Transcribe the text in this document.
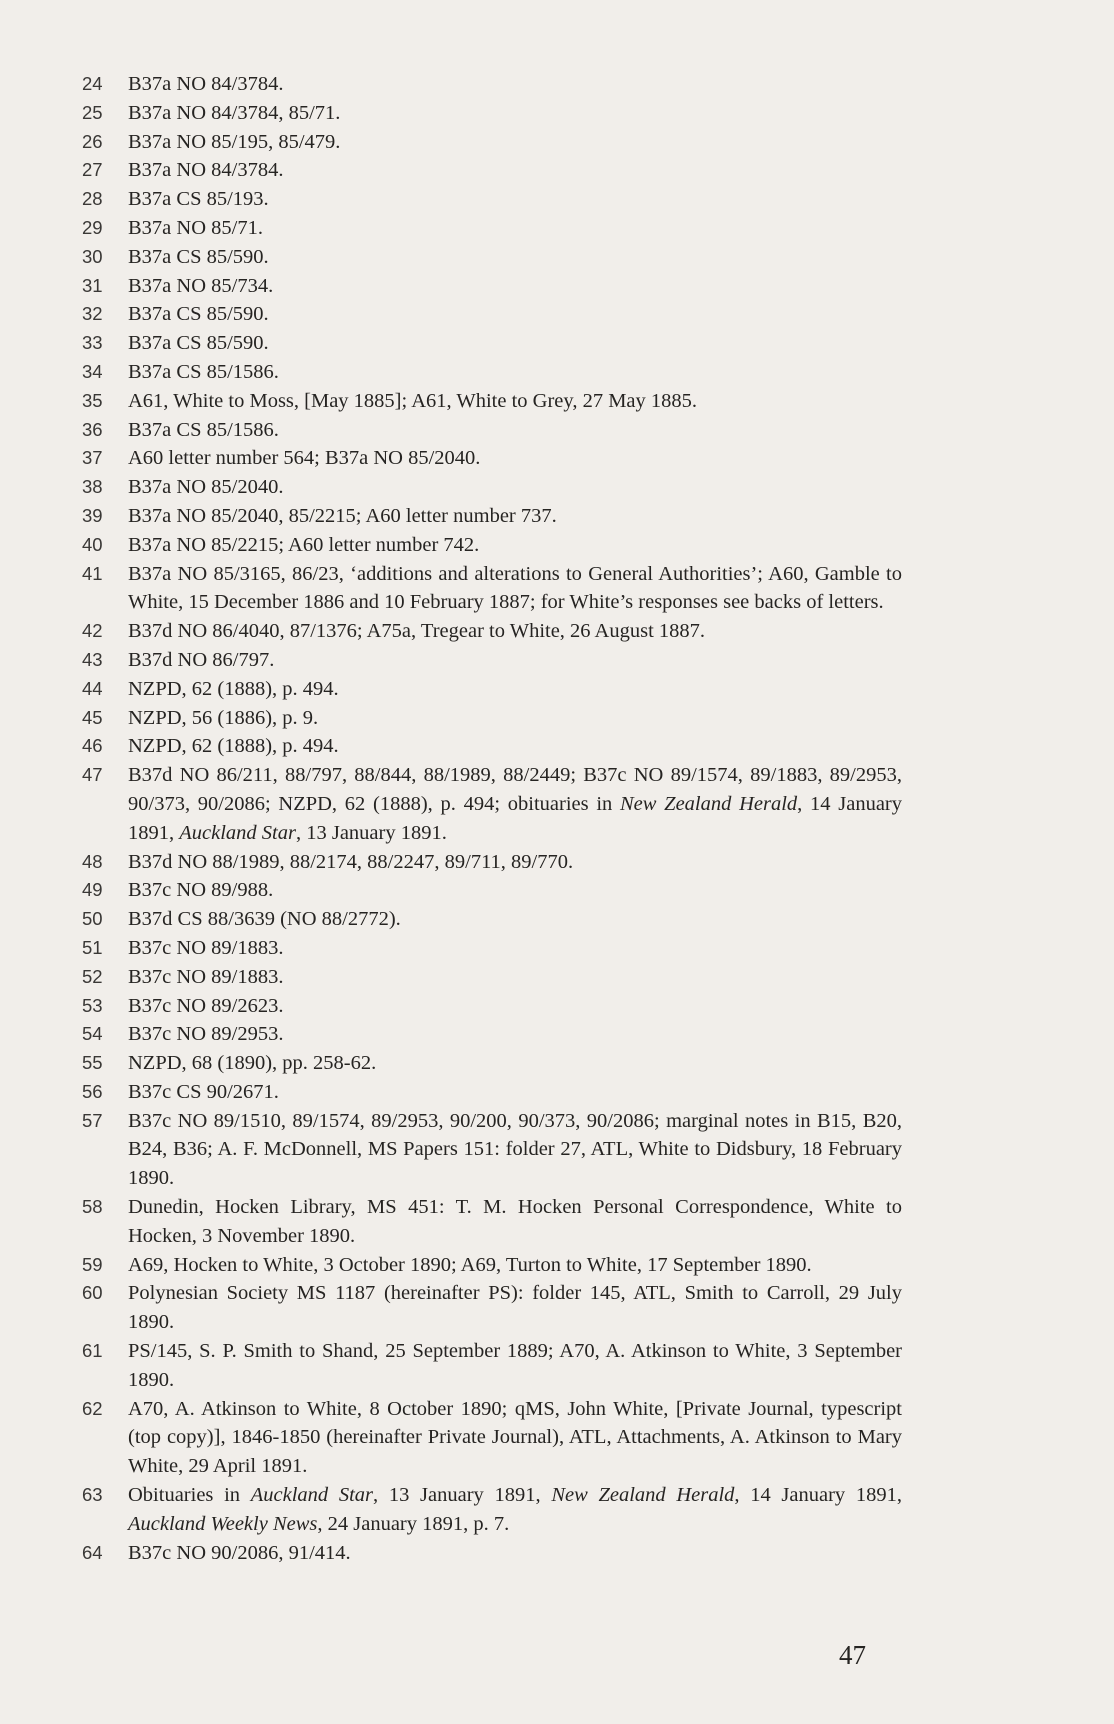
24	B37a NO 84/3784.
25	B37a NO 84/3784, 85/71.
26	B37a NO 85/195, 85/479.
27	B37a NO 84/3784.
28	B37a CS 85/193.
29	B37a NO 85/71.
30	B37a CS 85/590.
31	B37a NO 85/734.
32	B37a CS 85/590.
33	B37a CS 85/590.
34	B37a CS 85/1586.
35	A61, White to Moss, [May 1885]; A61, White to Grey, 27 May 1885.
36	B37a CS 85/1586.
37	A60 letter number 564; B37a NO 85/2040.
38	B37a NO 85/2040.
39	B37a NO 85/2040, 85/2215; A60 letter number 737.
40	B37a NO 85/2215; A60 letter number 742.
41	B37a NO 85/3165, 86/23, ‘additions and alterations to General Authorities’; A60, Gamble to White, 15 December 1886 and 10 February 1887; for White’s responses see backs of letters.
42	B37d NO 86/4040, 87/1376; A75a, Tregear to White, 26 August 1887.
43	B37d NO 86/797.
44	NZPD, 62 (1888), p. 494.
45	NZPD, 56 (1886), p. 9.
46	NZPD, 62 (1888), p. 494.
47	B37d NO 86/211, 88/797, 88/844, 88/1989, 88/2449; B37c NO 89/1574, 89/1883, 89/2953, 90/373, 90/2086; NZPD, 62 (1888), p. 494; obituaries in New Zealand Herald, 14 January 1891, Auckland Star, 13 January 1891.
48	B37d NO 88/1989, 88/2174, 88/2247, 89/711, 89/770.
49	B37c NO 89/988.
50	B37d CS 88/3639 (NO 88/2772).
51	B37c NO 89/1883.
52	B37c NO 89/1883.
53	B37c NO 89/2623.
54	B37c NO 89/2953.
55	NZPD, 68 (1890), pp. 258-62.
56	B37c CS 90/2671.
57	B37c NO 89/1510, 89/1574, 89/2953, 90/200, 90/373, 90/2086; marginal notes in B15, B20, B24, B36; A. F. McDonnell, MS Papers 151: folder 27, ATL, White to Didsbury, 18 February 1890.
58	Dunedin, Hocken Library, MS 451: T. M. Hocken Personal Correspondence, White to Hocken, 3 November 1890.
59	A69, Hocken to White, 3 October 1890; A69, Turton to White, 17 September 1890.
60	Polynesian Society MS 1187 (hereinafter PS): folder 145, ATL, Smith to Carroll, 29 July 1890.
61	PS/145, S. P. Smith to Shand, 25 September 1889; A70, A. Atkinson to White, 3 September 1890.
62	A70, A. Atkinson to White, 8 October 1890; qMS, John White, [Private Journal, typescript (top copy)], 1846-1850 (hereinafter Private Journal), ATL, Attachments, A. Atkinson to Mary White, 29 April 1891.
63	Obituaries in Auckland Star, 13 January 1891, New Zealand Herald, 14 January 1891, Auckland Weekly News, 24 January 1891, p. 7.
64	B37c NO 90/2086, 91/414.
47
